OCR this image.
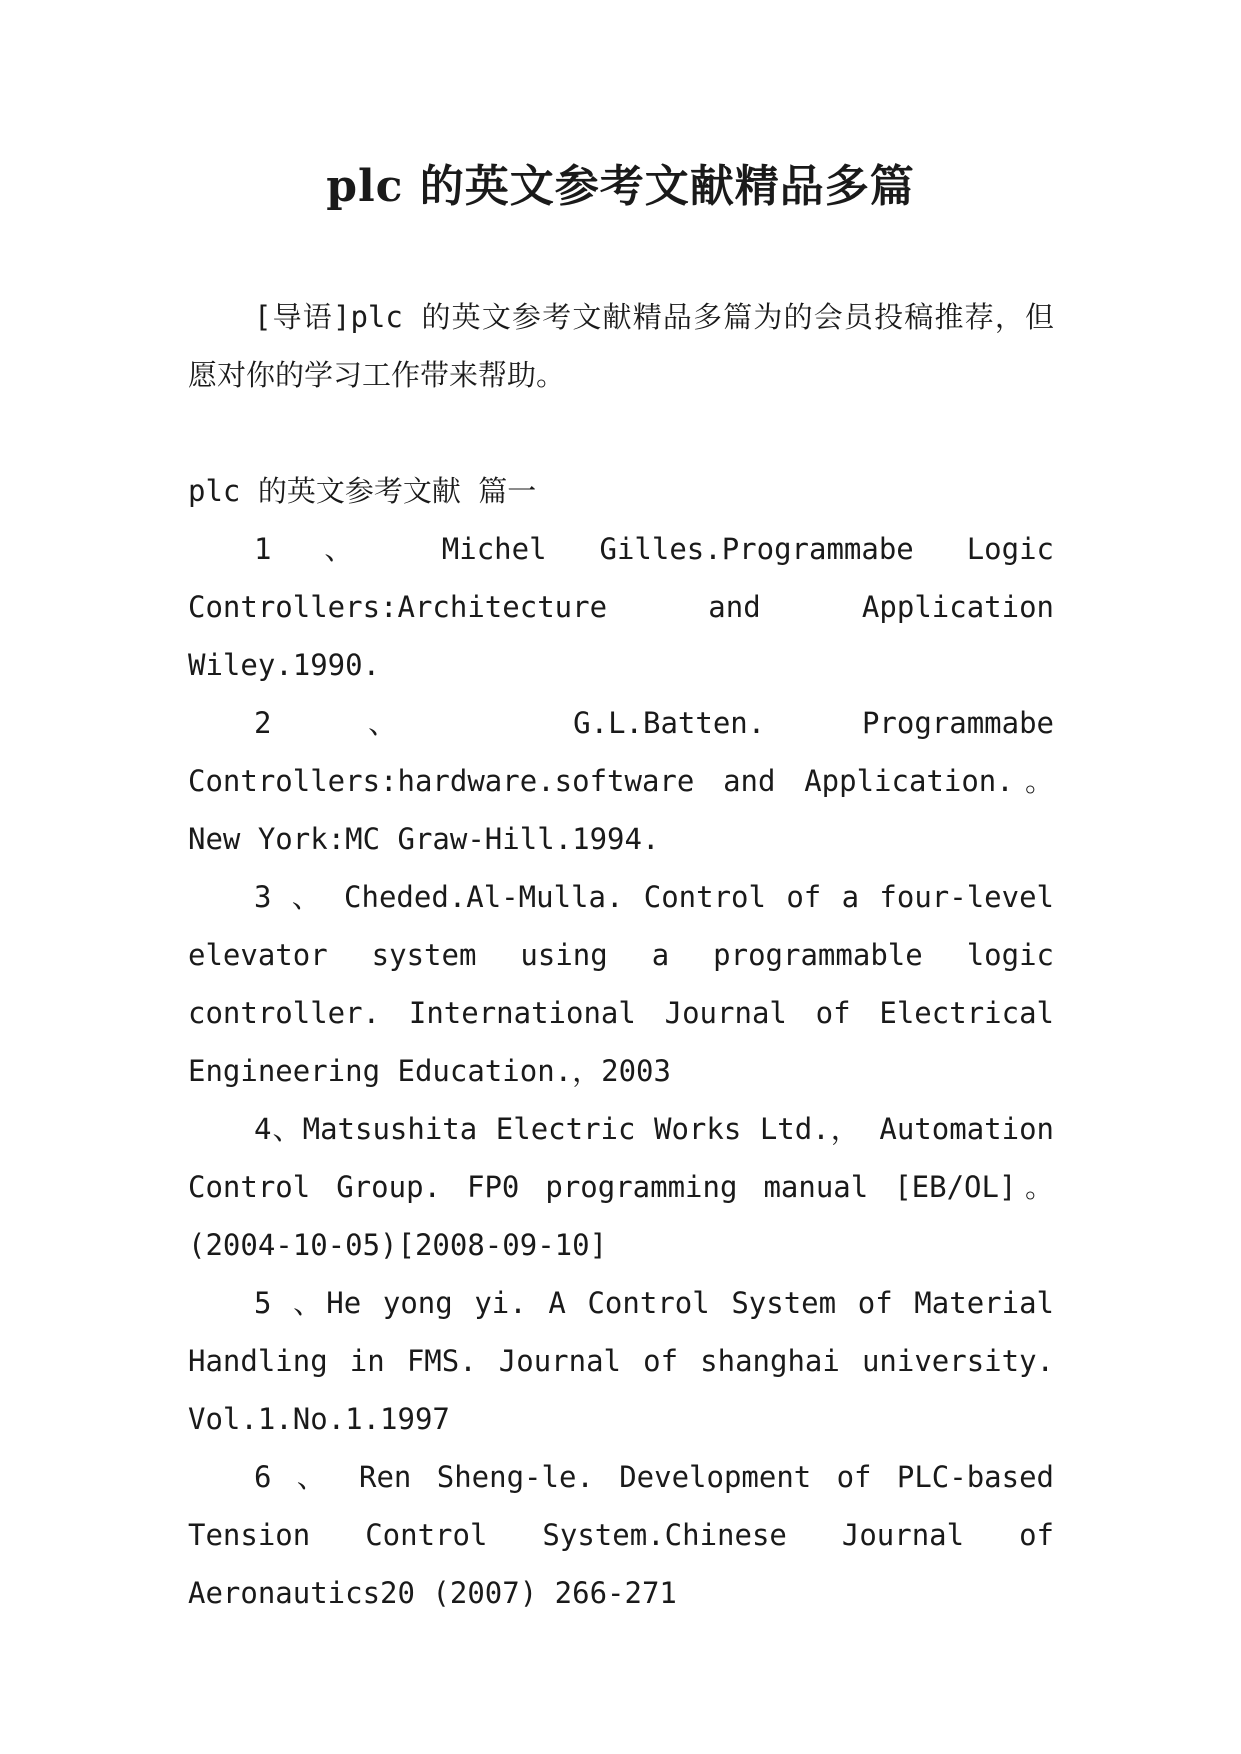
plc 的英文参考文献精品多篇

[导语]plc 的英文参考文献精品多篇为的会员投稿推荐，但愿对你的学习工作带来帮助。

plc 的英文参考文献 篇一

1 、 Michel Gilles.Programmabe Logic Controllers:Architecture and Application Wiley.1990.
2 、 G.L.Batten. Programmabe Controllers:hardware.software and Application.。New York:MC Graw-Hill.1994.
3 、 Cheded.Al-Mulla. Control of a four-level elevator system using a programmable logic controller. International Journal of Electrical Engineering Education.，2003
4、Matsushita Electric Works Ltd.， Automation Control Group. FP0 programming manual [EB/OL]。(2004-10-05)[2008-09-10]
5 、He yong yi. A Control System of Material Handling in FMS. Journal of shanghai university. Vol.1.No.1.1997
6 、 Ren Sheng-le. Development of PLC-based Tension Control System.Chinese Journal of Aeronautics20 (2007) 266-271
